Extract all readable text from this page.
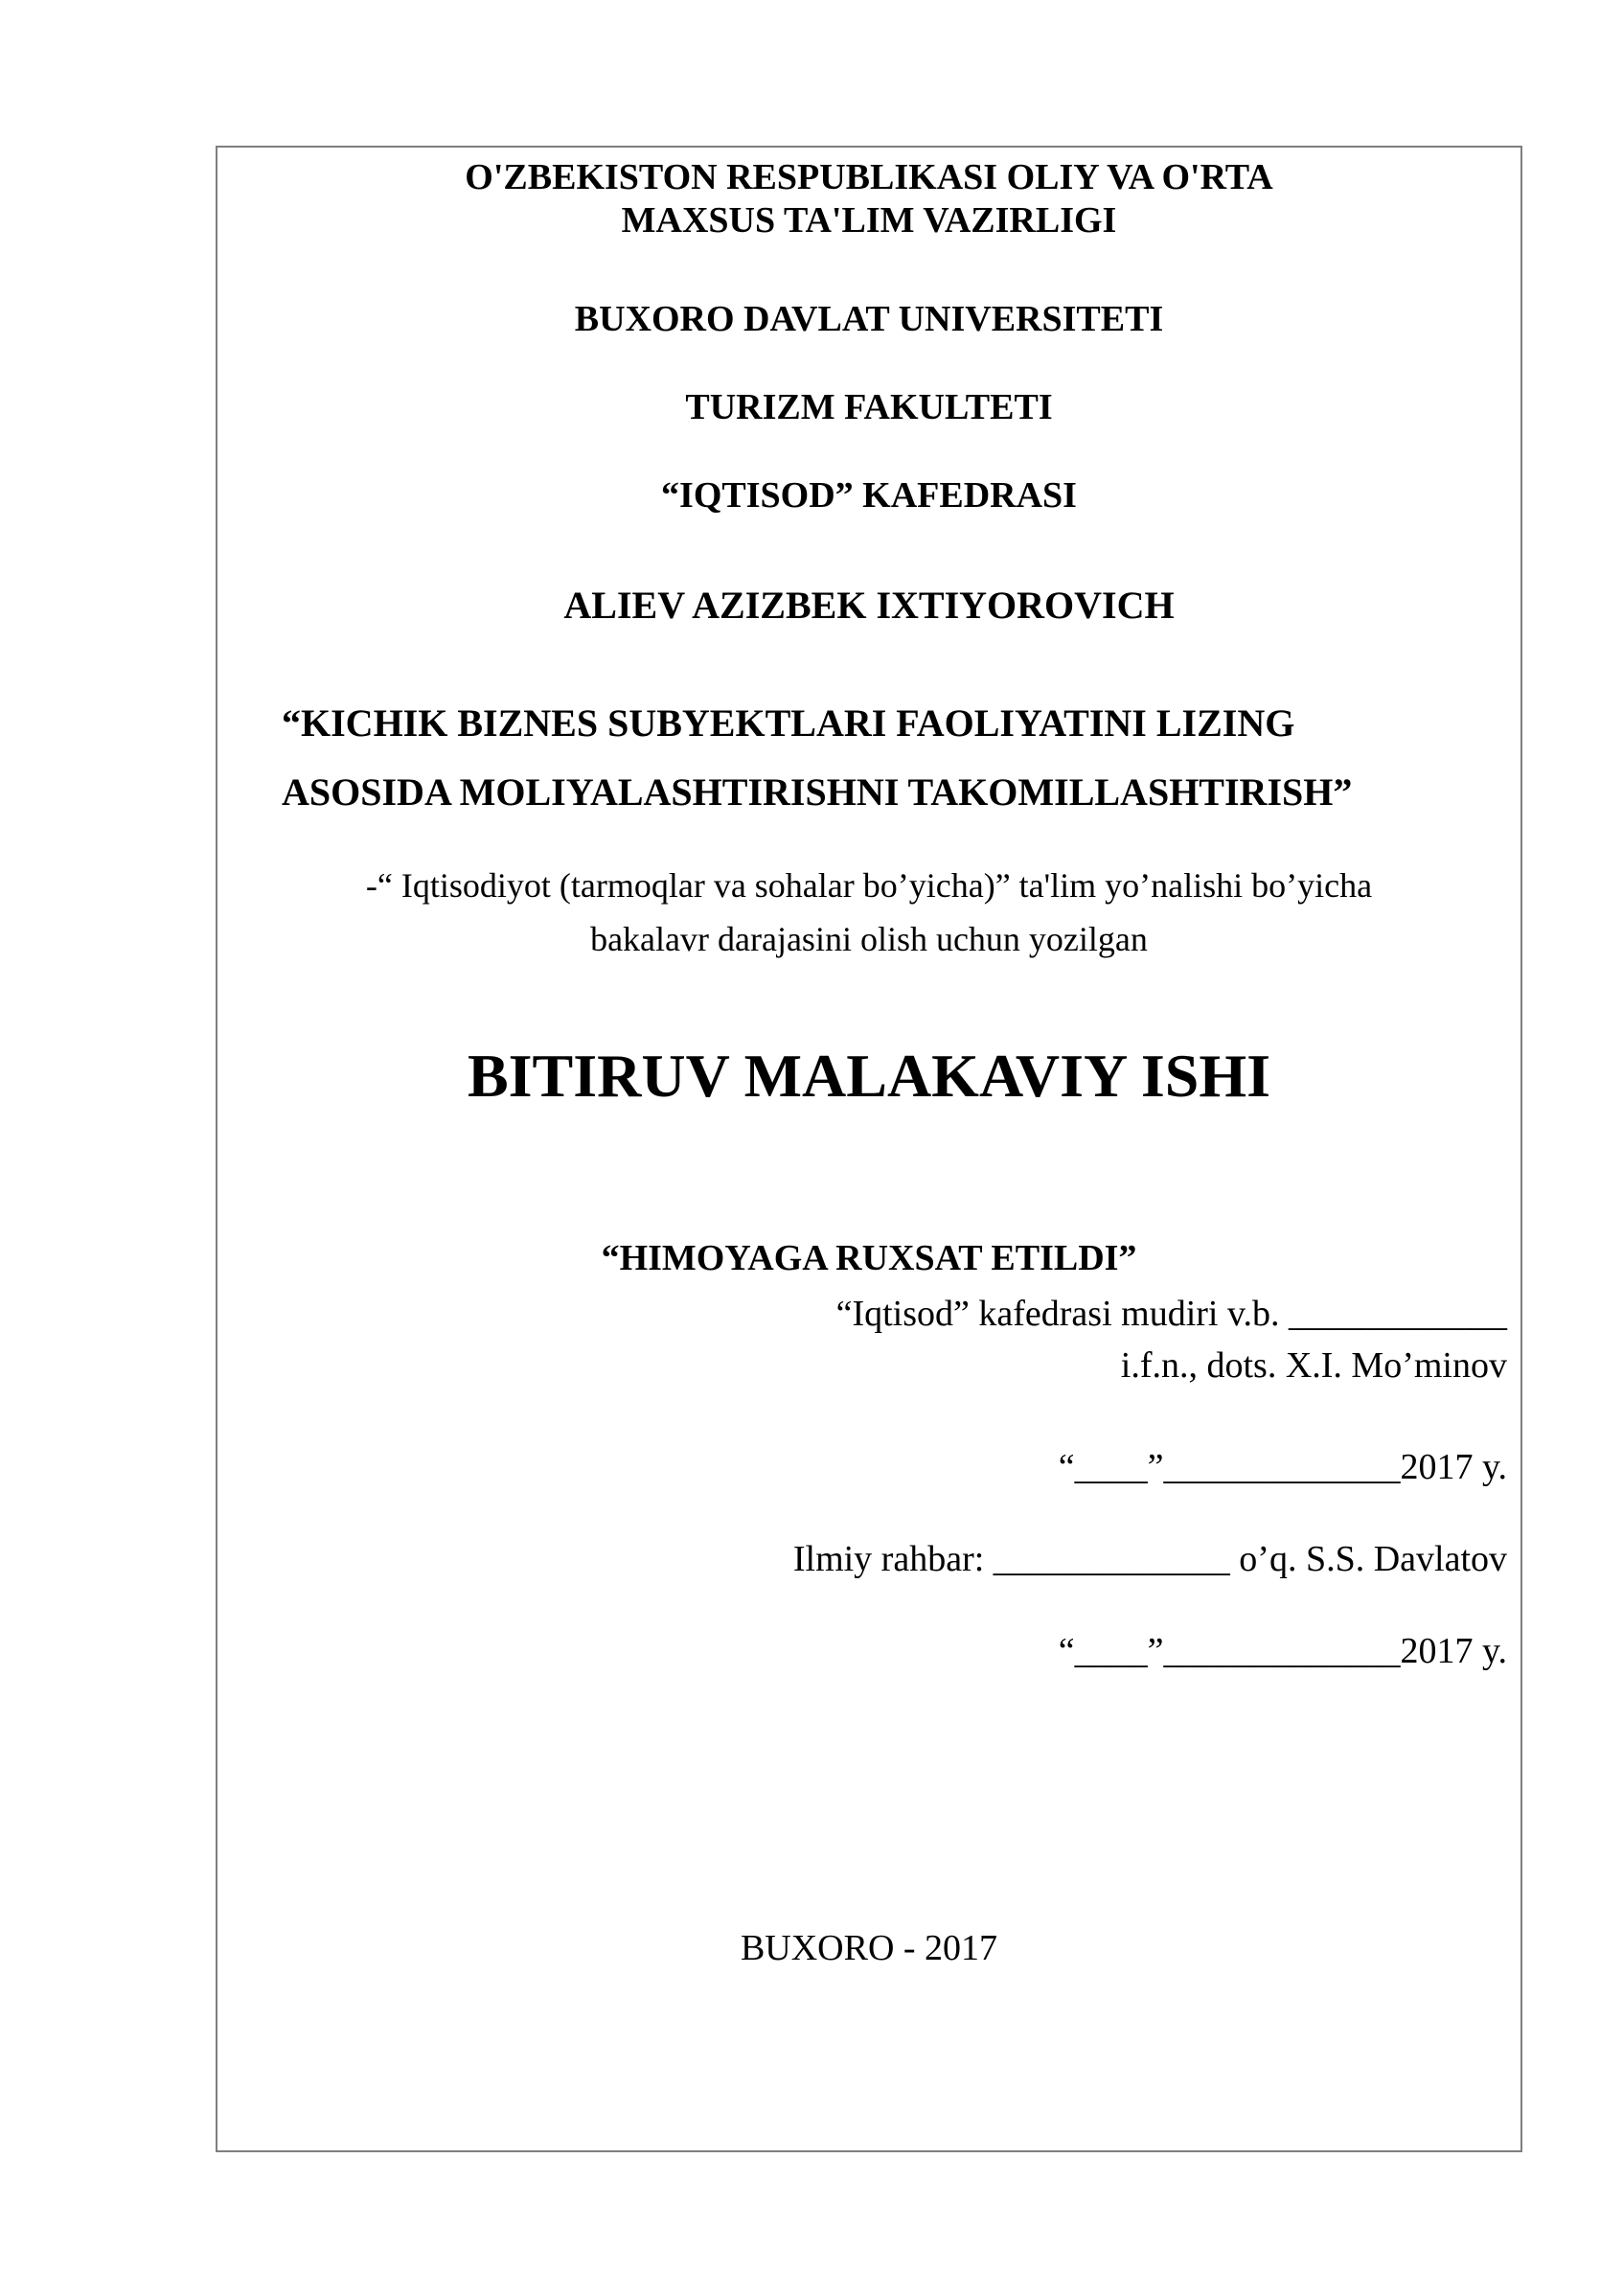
O'ZBEKISTON RESPUBLIKASI OLIY VA O'RTA
MAXSUS TA'LIM VAZIRLIGI
BUXORO DAVLAT UNIVERSITETI
TURIZM FAKULTETI
“IQTISOD” KAFEDRASI
ALIEV AZIZBEK IXTIYOROVICH
“KICHIK BIZNES SUBYEKTLARI FAOLIYATINI LIZING
ASOSIDA MOLIYALASHTIRISHNI TAKOMILLASHTIRISH”
-“ Iqtisodiyot (tarmoqlar va sohalar bo’yicha)” ta'lim yo’nalishi bo’yicha
bakalavr darajasini olish uchun yozilgan
BITIRUV MALAKAVIY ISHI
“HIMOYAGA RUXSAT ETILDI”
“Iqtisod” kafedrasi mudiri v.b. ____________
i.f.n., dots. X.I. Mo’minov
“____”_____________2017 y.
Ilmiy rahbar: _____________ o’q. S.S. Davlatov
“____”_____________2017 y.
BUXORO - 2017
